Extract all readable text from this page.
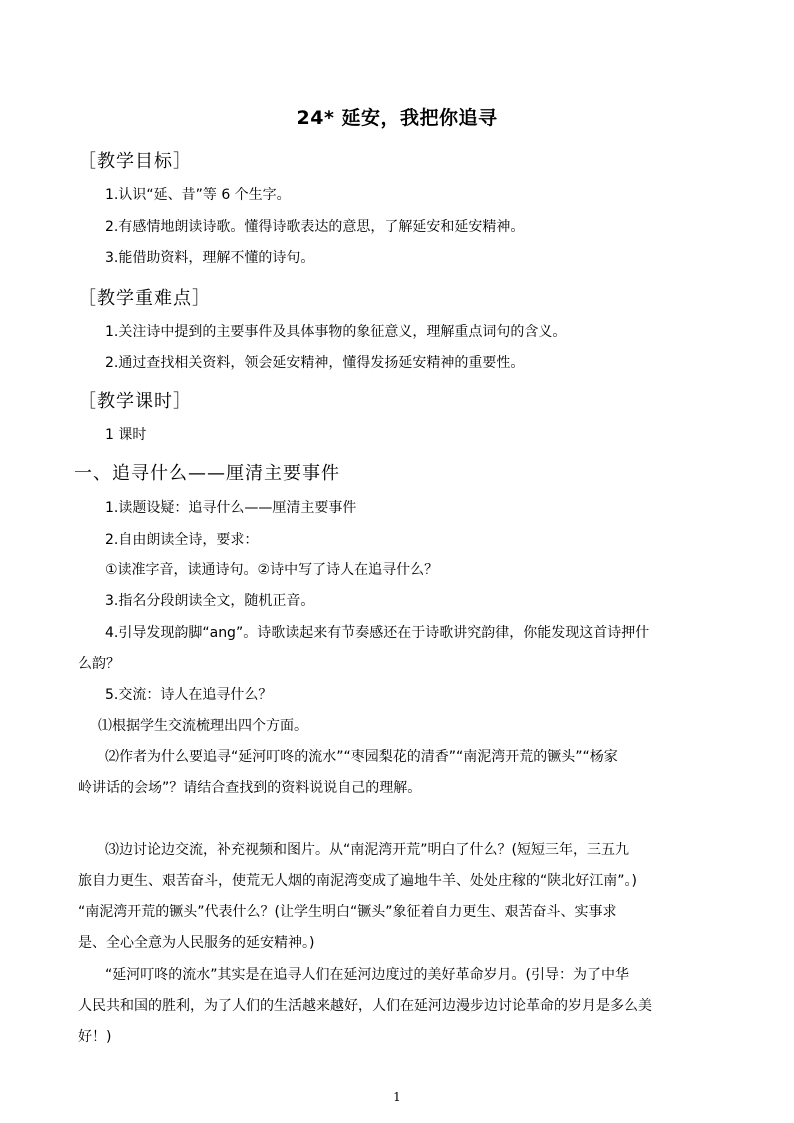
24* 延安，我把你追寻
［教学目标］
1.认识“延、昔”等 6 个生字。
2.有感情地朗读诗歌。懂得诗歌表达的意思，了解延安和延安精神。
3.能借助资料，理解不懂的诗句。
［教学重难点］
1.关注诗中提到的主要事件及具体事物的象征意义，理解重点词句的含义。
2.通过查找相关资料，领会延安精神，懂得发扬延安精神的重要性。
［教学课时］
1 课时
一、追寻什么——厘清主要事件
1.读题设疑：追寻什么——厘清主要事件
2.自由朗读全诗，要求：
①读准字音，读通诗句。②诗中写了诗人在追寻什么？
3.指名分段朗读全文，随机正音。
4.引导发现韵脚“ang”。诗歌读起来有节奏感还在于诗歌讲究韵律，你能发现这首诗押什
么韵？
5.交流：诗人在追寻什么？
⑴根据学生交流梳理出四个方面。
⑵作者为什么要追寻“延河叮咚的流水”“枣园梨花的清香”“南泥湾开荒的镢头”“杨家
岭讲话的会场”？请结合查找到的资料说说自己的理解。
⑶边讨论边交流，补充视频和图片。从“南泥湾开荒”明白了什么？(短短三年，三五九
旅自力更生、艰苦奋斗，使荒无人烟的南泥湾变成了遍地牛羊、处处庄稼的“陕北好江南”。)
“南泥湾开荒的镢头”代表什么？(让学生明白“镢头”象征着自力更生、艰苦奋斗、实事求
是、全心全意为人民服务的延安精神。)
“延河叮咚的流水”其实是在追寻人们在延河边度过的美好革命岁月。(引导：为了中华
人民共和国的胜利，为了人们的生活越来越好，人们在延河边漫步边讨论革命的岁月是多么美
好！)
1
